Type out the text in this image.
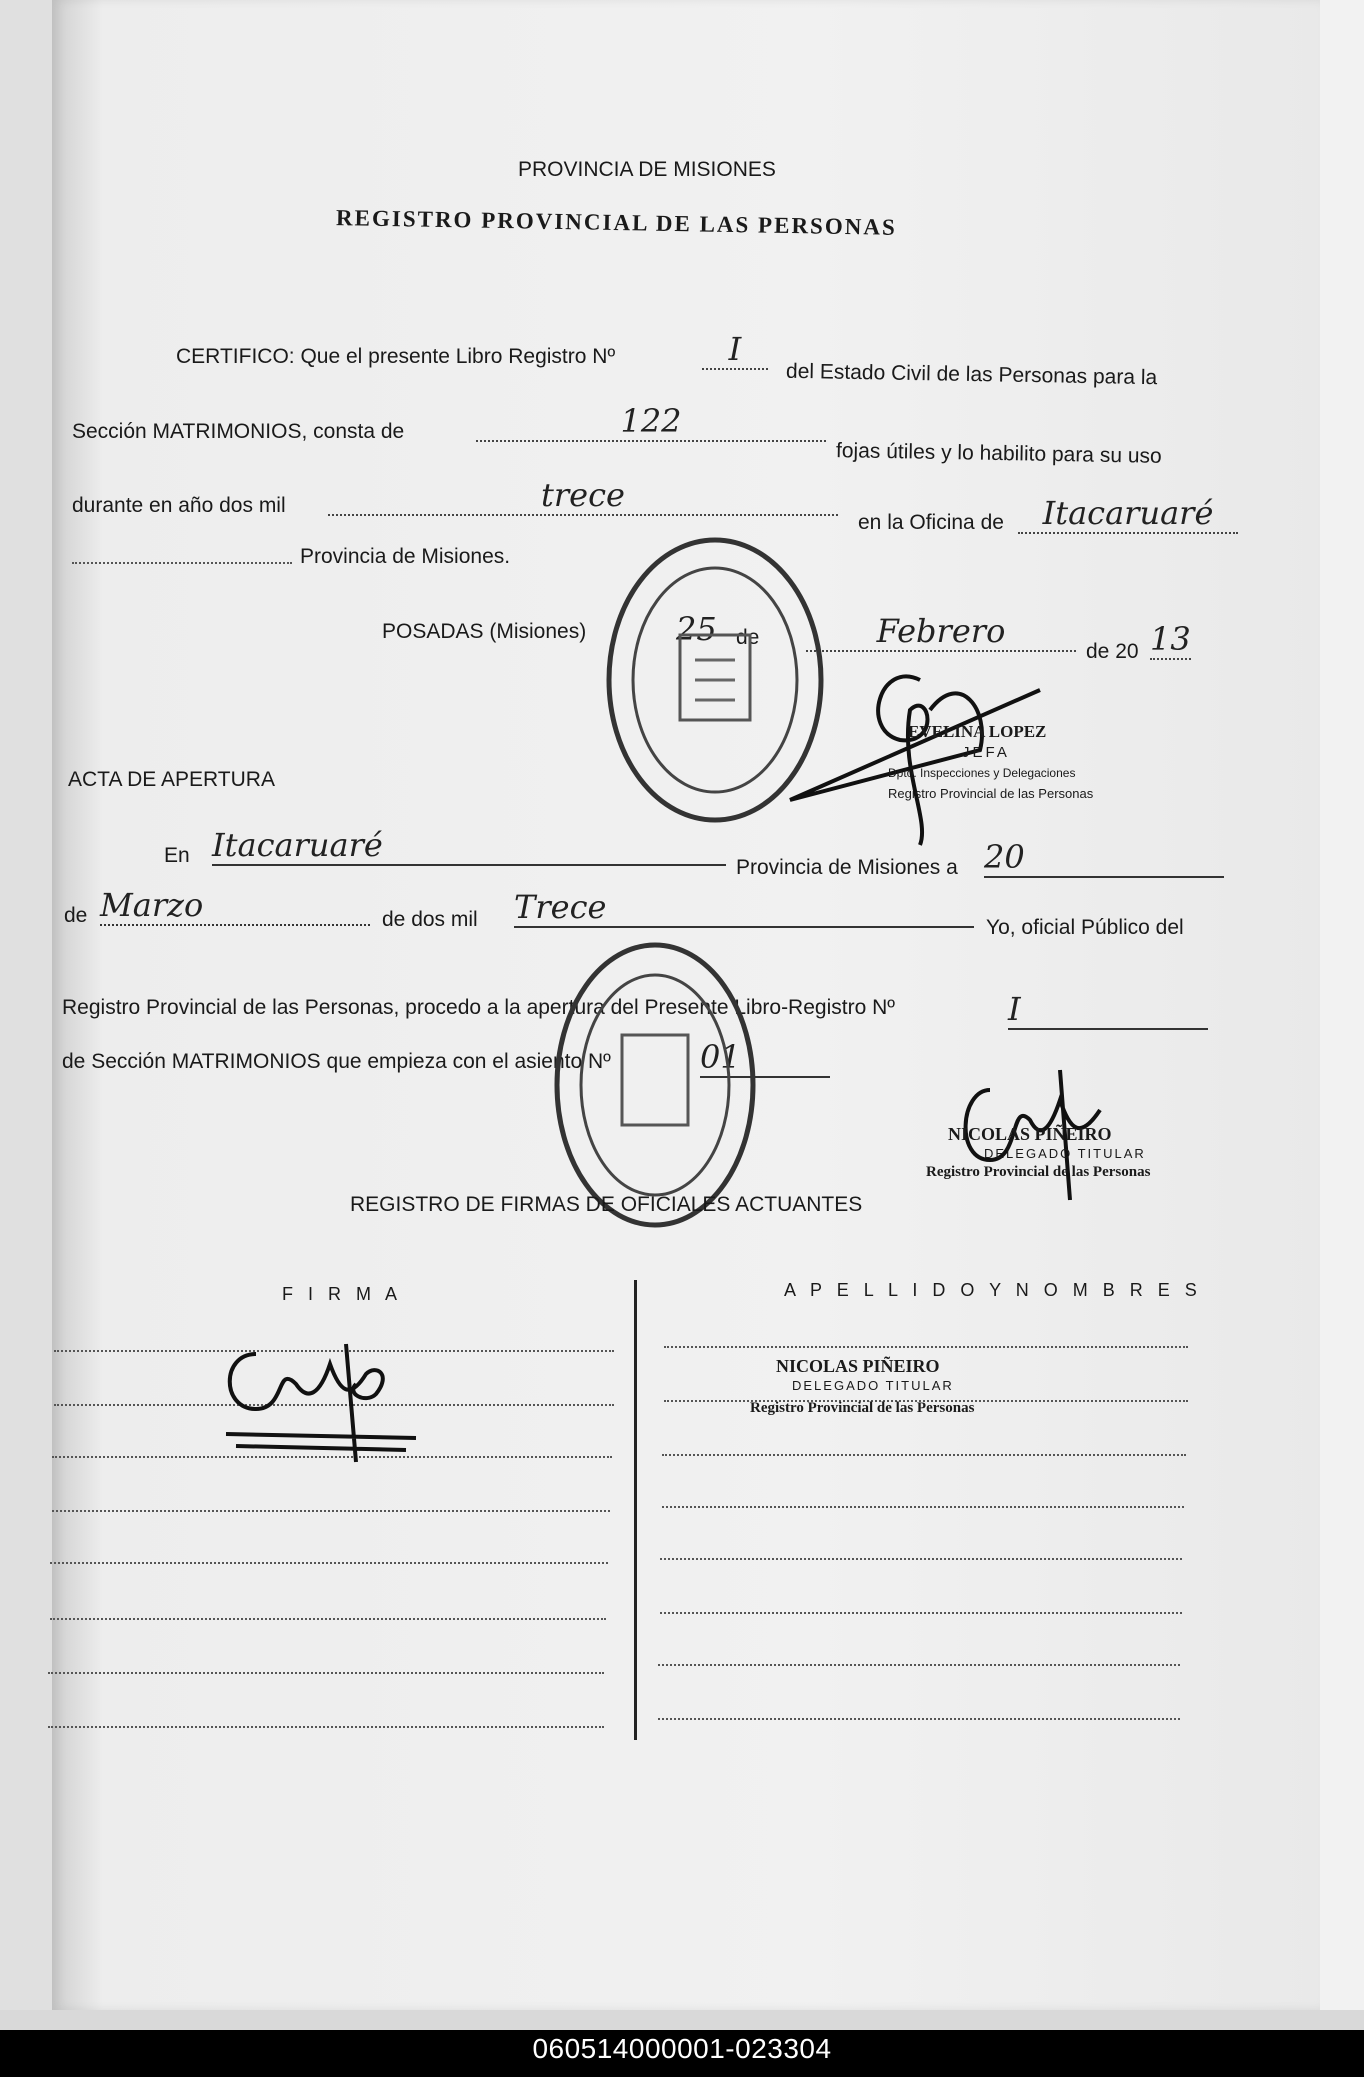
PROVINCIA DE MISIONES
REGISTRO PROVINCIAL DE LAS PERSONAS
CERTIFICO: Que el presente Libro Registro Nº	I
del Estado Civil de las Personas para la
Sección MATRIMONIOS, consta de	122
fojas útiles y lo habilito para su uso
durante en año dos mil	trece
en la Oficina de	Itacaruaré
Provincia de Misiones.
POSADAS (Misiones)	25 de	Febrero
de 20 13
EVELINA LOPEZ
JEFA
Dpto. Inspecciones y Delegaciones
Registro Provincial de las Personas
ACTA DE APERTURA
En Itacaruaré
Provincia de Misiones a 20
de Marzo	de dos mil Trece
Yo, oficial Público del
Registro Provincial de las Personas, procedo a la apertura del Presente Libro-Registro Nº	I
de Sección MATRIMONIOS que empieza con el asiento Nº	01
NICOLAS PIÑEIRO
DELEGADO TITULAR
Registro Provincial de las Personas
REGISTRO DE FIRMAS DE OFICIALES ACTUANTES
F I R M A	A P E L L I D O Y N O M B R E S
NICOLAS PIÑEIRO
DELEGADO TITULAR
Registro Provincial de las Personas
060514000001-023304
